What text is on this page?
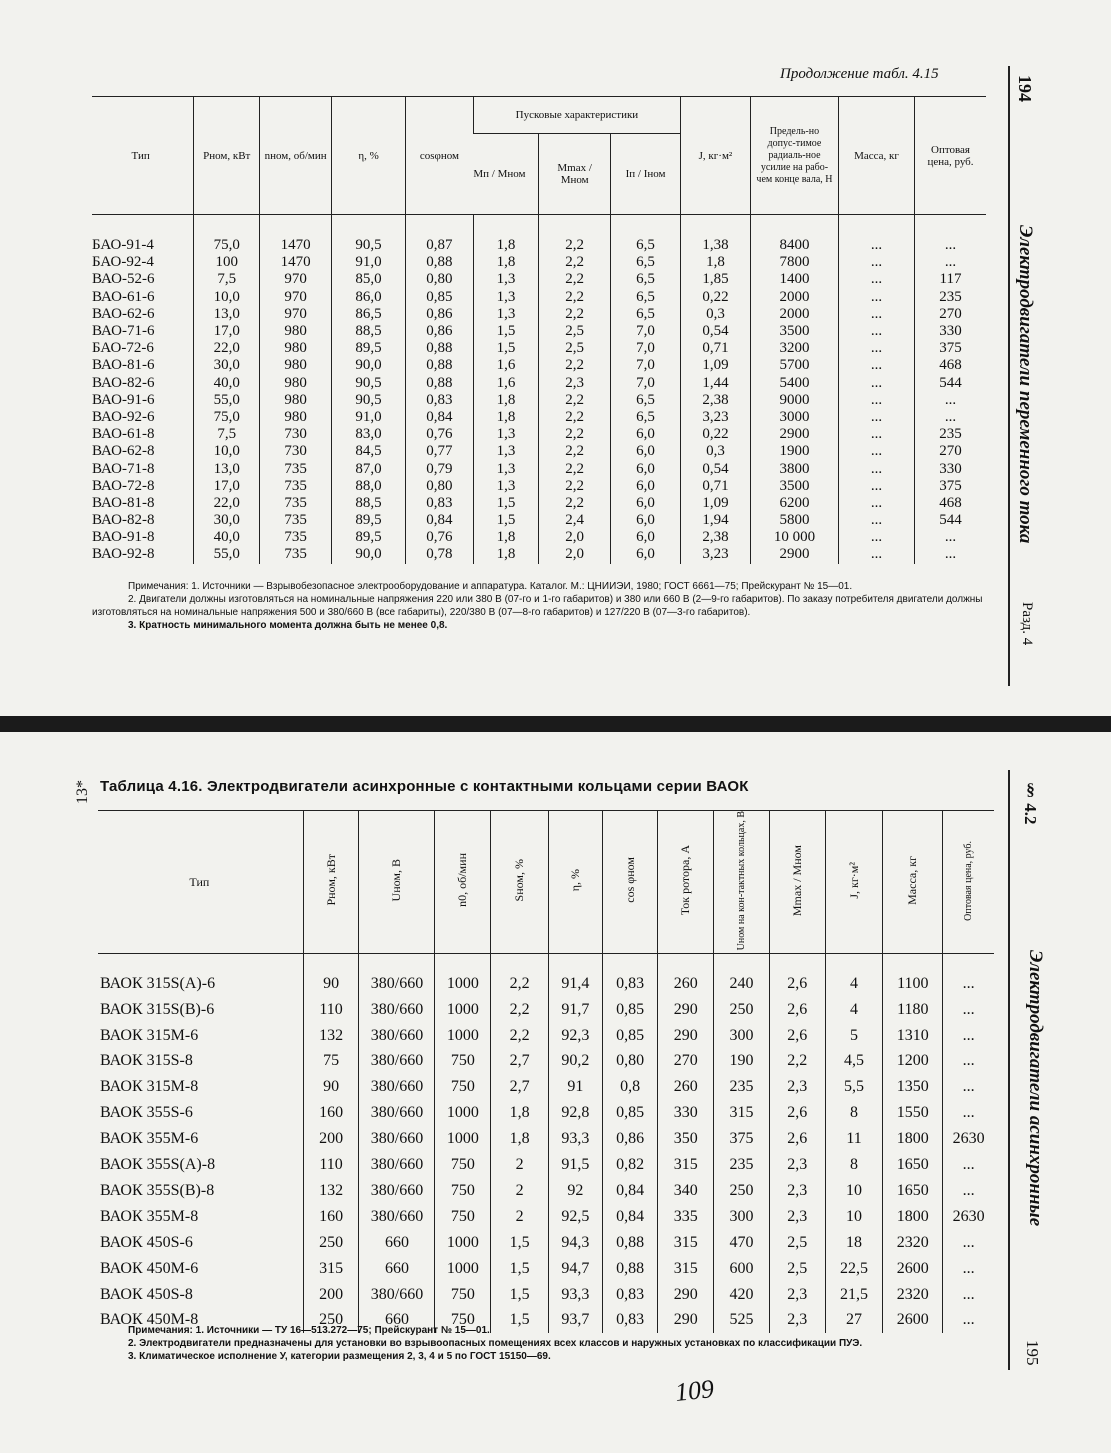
Продолжение табл. 4.15
Тип	Pном, кВт	nном, об/мин	η, %	cosφном	Пусковые характеристики			J, кг·м²	Предель-но допус-тимое радиаль-ное усилие на рабо-чем конце вала, Н	Масса, кг	Оптовая цена, руб.
					Mп / Mном	Mmax / Mном	Iп / Iном				

БАО-91-4	75,0	1470	90,5	0,87	1,8	2,2	6,5	1,38	8400	...	...
БАО-92-4	100	1470	91,0	0,88	1,8	2,2	6,5	1,8	7800	...	...
ВАО-52-6	7,5	970	85,0	0,80	1,3	2,2	6,5	1,85	1400	...	117
ВАО-61-6	10,0	970	86,0	0,85	1,3	2,2	6,5	0,22	2000	...	235
ВАО-62-6	13,0	970	86,5	0,86	1,3	2,2	6,5	0,3	2000	...	270
ВАО-71-6	17,0	980	88,5	0,86	1,5	2,5	7,0	0,54	3500	...	330
БАО-72-6	22,0	980	89,5	0,88	1,5	2,5	7,0	0,71	3200	...	375
ВАО-81-6	30,0	980	90,0	0,88	1,6	2,2	7,0	1,09	5700	...	468
ВАО-82-6	40,0	980	90,5	0,88	1,6	2,3	7,0	1,44	5400	...	544
ВАО-91-6	55,0	980	90,5	0,83	1,8	2,2	6,5	2,38	9000	...	...
ВАО-92-6	75,0	980	91,0	0,84	1,8	2,2	6,5	3,23	3000	...	...
ВАО-61-8	7,5	730	83,0	0,76	1,3	2,2	6,0	0,22	2900	...	235
ВАО-62-8	10,0	730	84,5	0,77	1,3	2,2	6,0	0,3	1900	...	270
ВАО-71-8	13,0	735	87,0	0,79	1,3	2,2	6,0	0,54	3800	...	330
ВАО-72-8	17,0	735	88,0	0,80	1,3	2,2	6,0	0,71	3500	...	375
ВАО-81-8	22,0	735	88,5	0,83	1,5	2,2	6,0	1,09	6200	...	468
ВАО-82-8	30,0	735	89,5	0,84	1,5	2,4	6,0	1,94	5800	...	544
ВАО-91-8	40,0	735	89,5	0,76	1,8	2,0	6,0	2,38	10 000	...	...
ВАО-92-8	55,0	735	90,0	0,78	1,8	2,0	6,0	3,23	2900	...	...
Примечания: 1. Источники — Взрывобезопасное электрооборудование и аппаратура. Каталог. М.: ЦНИИЭИ, 1980; ГОСТ 6661—75; Прейскурант № 15—01.
2. Двигатели должны изготовляться на номинальные напряжения 220 или 380 В (07-го и 1-го габаритов) и 380 или 660 В (2—9-го габаритов). По заказу потребителя двигатели должны изготовляться на номинальные напряжения 500 и 380/660 В (все габариты), 220/380 В (07—8-го габаритов) и 127/220 В (07—3-го габаритов).
3. Кратность минимального момента должна быть не менее 0,8.
194
Электродвигатели переменного тока
Разд. 4
13* Таблица 4.16. Электродвигатели асинхронные с контактными кольцами серии ВАОК
Тип	Pном, кВт	Uном, В	n0, об/мин	Sном, %	η, %	cos φном	Ток ротора, А	Uном на кон-тактных кольцах, В	Mmax / Mном	J, кг·м²	Масса, кг	Оптовая цена, руб.

ВАОК 315S(A)-6	90	380/660	1000	2,2	91,4	0,83	260	240	2,6	4	1100	...
ВАОК 315S(B)-6	110	380/660	1000	2,2	91,7	0,85	290	250	2,6	4	1180	...
ВАОК 315M-6	132	380/660	1000	2,2	92,3	0,85	290	300	2,6	5	1310	...
ВАОК 315S-8	75	380/660	750	2,7	90,2	0,80	270	190	2,2	4,5	1200	...
ВАОК 315M-8	90	380/660	750	2,7	91	0,8	260	235	2,3	5,5	1350	...
ВАОК 355S-6	160	380/660	1000	1,8	92,8	0,85	330	315	2,6	8	1550	...
ВАОК 355M-6	200	380/660	1000	1,8	93,3	0,86	350	375	2,6	11	1800	2630
ВАОК 355S(A)-8	110	380/660	750	2	91,5	0,82	315	235	2,3	8	1650	...
ВАОК 355S(B)-8	132	380/660	750	2	92	0,84	340	250	2,3	10	1650	...
ВАОК 355M-8	160	380/660	750	2	92,5	0,84	335	300	2,3	10	1800	2630
ВАОК 450S-6	250	660	1000	1,5	94,3	0,88	315	470	2,5	18	2320	...
ВАОК 450M-6	315	660	1000	1,5	94,7	0,88	315	600	2,5	22,5	2600	...
ВАОК 450S-8	200	380/660	750	1,5	93,3	0,83	290	420	2,3	21,5	2320	...
ВАОК 450M-8	250	660	750	1,5	93,7	0,83	290	525	2,3	27	2600	...
Примечания: 1. Источники — ТУ 16—513.272—75; Прейскурант № 15—01.
2. Электродвигатели предназначены для установки во взрывоопасных помещениях всех классов и наружных установках по классификации ПУЭ.
3. Климатическое исполнение У, категории размещения 2, 3, 4 и 5 по ГОСТ 15150—69.
109
§ 4.2
Электродвигатели асинхронные
195
